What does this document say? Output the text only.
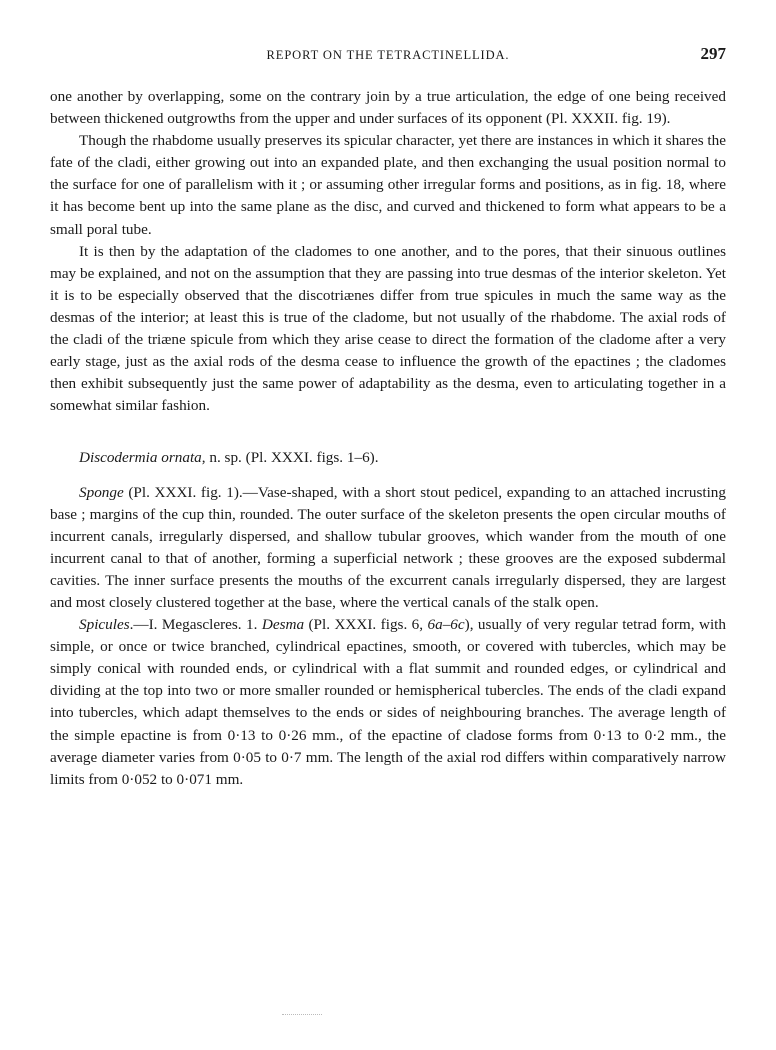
REPORT ON THE TETRACTINELLIDA.	297

one another by overlapping, some on the contrary join by a true articulation, the edge of one being received between thickened outgrowths from the upper and under surfaces of its opponent (Pl. XXXII. fig. 19).

Though the rhabdome usually preserves its spicular character, yet there are instances in which it shares the fate of the cladi, either growing out into an expanded plate, and then exchanging the usual position normal to the surface for one of parallelism with it ; or assuming other irregular forms and positions, as in fig. 18, where it has become bent up into the same plane as the disc, and curved and thickened to form what appears to be a small poral tube.

It is then by the adaptation of the cladomes to one another, and to the pores, that their sinuous outlines may be explained, and not on the assumption that they are passing into true desmas of the interior skeleton. Yet it is to be especially observed that the discotriænes differ from true spicules in much the same way as the desmas of the interior; at least this is true of the cladome, but not usually of the rhabdome. The axial rods of the cladi of the triæne spicule from which they arise cease to direct the formation of the cladome after a very early stage, just as the axial rods of the desma cease to influence the growth of the epactines ; the cladomes then exhibit subsequently just the same power of adaptability as the desma, even to articulating together in a somewhat similar fashion.

Discodermia ornata, n. sp. (Pl. XXXI. figs. 1–6).

Sponge (Pl. XXXI. fig. 1).—Vase-shaped, with a short stout pedicel, expanding to an attached incrusting base ; margins of the cup thin, rounded. The outer surface of the skeleton presents the open circular mouths of incurrent canals, irregularly dispersed, and shallow tubular grooves, which wander from the mouth of one incurrent canal to that of another, forming a superficial network ; these grooves are the exposed subdermal cavities. The inner surface presents the mouths of the excurrent canals irregularly dispersed, they are largest and most closely clustered together at the base, where the vertical canals of the stalk open.

Spicules.—I. Megascleres. 1. Desma (Pl. XXXI. figs. 6, 6a–6c), usually of very regular tetrad form, with simple, or once or twice branched, cylindrical epactines, smooth, or covered with tubercles, which may be simply conical with rounded ends, or cylindrical with a flat summit and rounded edges, or cylindrical and dividing at the top into two or more smaller rounded or hemispherical tubercles. The ends of the cladi expand into tubercles, which adapt themselves to the ends or sides of neighbouring branches. The average length of the simple epactine is from 0·13 to 0·26 mm., of the epactine of cladose forms from 0·13 to 0·2 mm., the average diameter varies from 0·05 to 0·7 mm. The length of the axial rod differs within comparatively narrow limits from 0·052 to 0·071 mm.
